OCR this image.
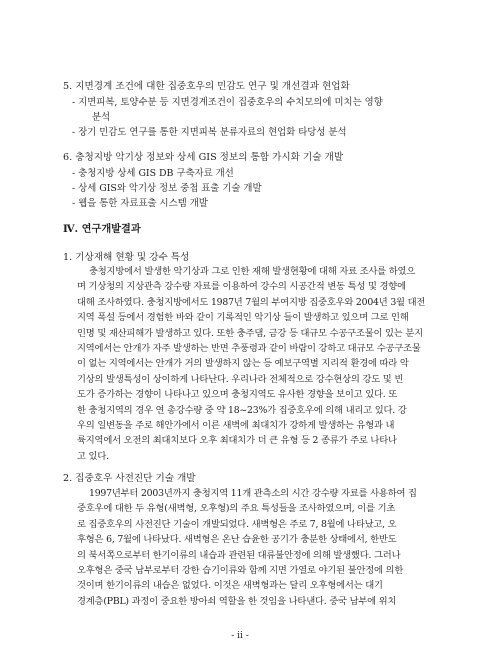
5. 지면경계 조건에 대한 집중호우의 민감도 연구 및 개선결과 현업화
- 지면피복, 토양수분 등 지면경계조건이 집중호우의 수치모의에 미치는 영향
분석
- 장기 민감도 연구를 통한 지면피복 분류자료의 현업화 타당성 분석
6. 충청지방 악기상 정보와 상세 GIS 정보의 통합 가시화 기술 개발
- 충청지방 상세 GIS DB 구축자료 개선
- 상세 GIS와 악기상 정보 중첩 표출 기술 개발
- 웹을 통한 자료표출 시스템 개발
Ⅳ. 연구개발결과
1. 기상재해 현황 및 강수 특성

충청지방에서 발생한 악기상과 그로 인한 재해 발생현황에 대해 자료 조사를 하였으

며 기상청의 지상관측 강수량 자료를 이용하여 강수의 시공간적 변동 특성 및 경향에

대해 조사하였다. 충청지방에서도 1987년 7월의 부여지방 집중호우와 2004년 3월 대전

지역 폭설 등에서 경험한 바와 같이 기록적인 악기상 들이 발생하고 있으며 그로 인해

인명 및 재산피해가 발생하고 있다. 또한 충주댐, 금강 등 대규모 수공구조물이 있는 분지

지역에서는 안개가 자주 발생하는 반면 추풍령과 같이 바람이 강하고 대규모 수공구조물

이 없는 지역에서는 안개가 거의 발생하지 않는 등 예보구역별 지리적 환경에 따라 악

기상의 발생특성이 상이하게 나타난다. 우리나라 전체적으로 강수현상의 강도 및 빈

도가 증가하는 경향이 나타나고 있으며 충청지역도 유사한 경향을 보이고 있다. 또

한 충청지역의 경우 연 총강수량 중 약 18~23%가 집중호우에 의해 내리고 있다. 강

우의 일변동을 주로 해안가에서 이른 새벽에 최대치가 강하게 발생하는 유형과 내

륙지역에서 오전의 최대치보다 오후 최대치가 더 큰 유형 등 2 종류가 주로 나타나

고 있다.

2. 집중호우 사전진단 기술 개발

1997년부터 2003년까지 충청지역 11개 관측소의 시간 강수량 자료를 사용하여 집

중호우에 대한 두 유형(새벽형, 오후형)의 주요 특성들을 조사하였으며, 이를 기초

로 집중호우의 사전진단 기술이 개발되었다. 새벽형은 주로 7, 8월에 나타났고, 오

후형은 6, 7월에 나타났다. 새벽형은 온난 습윤한 공기가 충분한 상태에서, 한반도

의 북서쪽으로부터 한기이류의 내습과 관련된 대류불안정에 의해 발생했다. 그러나

오후형은 중국 남부로부터 강한 습기이류와 함께 지면 가열로 야기된 불안정에 의한

것이며 한기이류의 내습은 없었다. 이것은 새벽형과는 달리 오후형에서는 대기

경계층(PBL) 과정이 중요한 방아쇠 역할을 한 것임을 나타낸다. 중국 남부에 위치

- ii -
